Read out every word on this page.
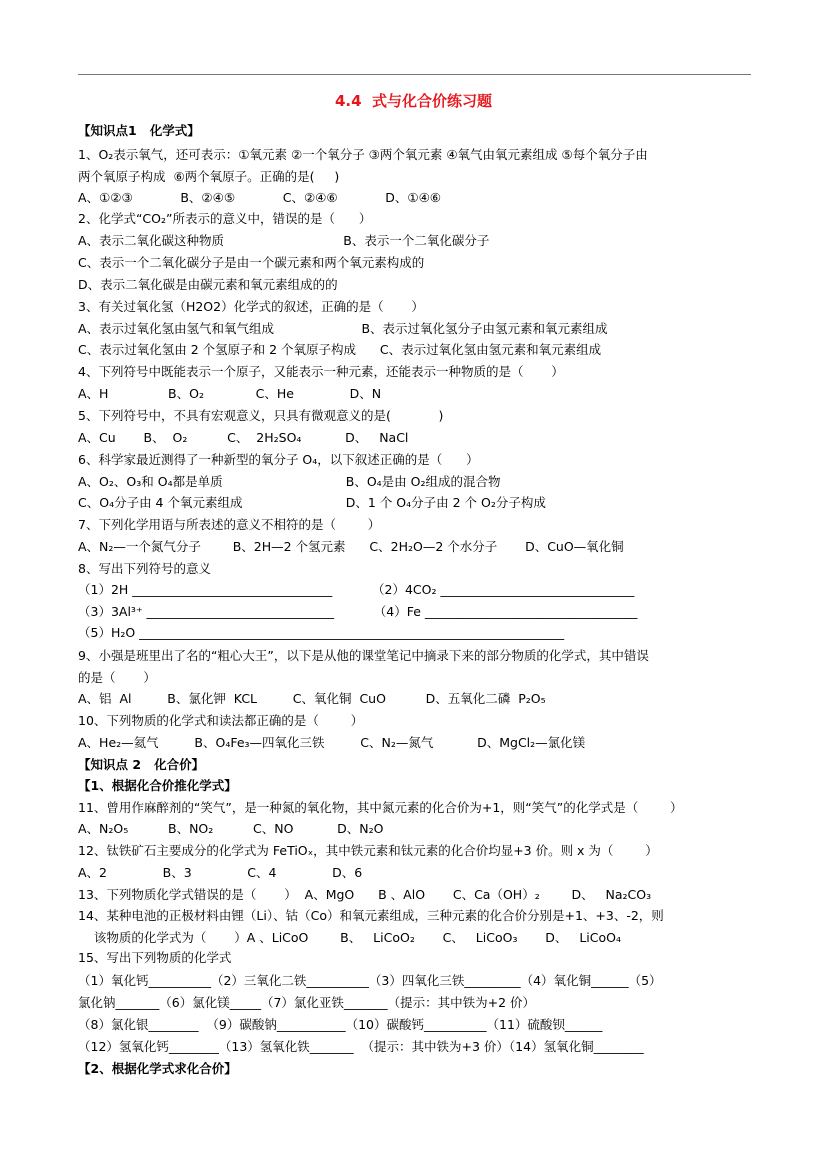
4.4  式与化合价练习题
【知识点1   化学式】
1、O₂表示氧气，还可表示：①氧元素 ②一个氧分子 ③两个氧元素 ④氧气由氧元素组成 ⑤每个氧分子由
两个氧原子构成  ⑥两个氧原子。正确的是(     )
A、①②③            B、②④⑤            C、②④⑥            D、①④⑥
2、化学式“CO₂”所表示的意义中，错误的是（      ）
A、表示二氧化碳这种物质                              B、表示一个二氧化碳分子
C、表示一个二氧化碳分子是由一个碳元素和两个氧元素构成的
D、表示二氧化碳是由碳元素和氧元素组成的的
3、有关过氧化氢（H2O2）化学式的叙述，正确的是（       ）
A、表示过氧化氢由氢气和氧气组成                      B、表示过氧化氢分子由氢元素和氧元素组成
C、表示过氧化氢由 2 个氢原子和 2 个氧原子构成      C、表示过氧化氢由氢元素和氧元素组成
4、下列符号中既能表示一个原子，又能表示一种元素，还能表示一种物质的是（       ）
A、H               B、O₂             C、He              D、N
5、下列符号中，不具有宏观意义，只具有微观意义的是(            )
A、Cu       B、  O₂          C、  2H₂SO₄           D、   NaCl
6、科学家最近测得了一种新型的氧分子 O₄，以下叙述正确的是（      ）
A、O₂、O₃和 O₄都是单质                               B、O₄是由 O₂组成的混合物
C、O₄分子由 4 个氧元素组成                          D、1 个 O₄分子由 2 个 O₂分子构成
7、下列化学用语与所表述的意义不相符的是（        ）
A、N₂—一个氮气分子        B、2H—2 个氢元素      C、2H₂O—2 个水分子       D、CuO—氧化铜
8、写出下列符号的意义
（1）2H ________________________________          （2）4CO₂ _______________________________
（3）3Al³⁺ ______________________________          （4）Fe __________________________________
（5）H₂O ____________________________________________________________________
9、小强是班里出了名的“粗心大王”，以下是从他的课堂笔记中摘录下来的部分物质的化学式，其中错误
的是（       ）
A、铝  Al         B、氯化钾  KCL         C、氧化铜  CuO          D、五氧化二磷  P₂O₅
10、下列物质的化学式和读法都正确的是（        ）
A、He₂—氦气         B、O₄Fe₃—四氧化三铁         C、N₂—氮气           D、MgCl₂—氯化镁
【知识点 2   化合价】
【1、根据化合价推化学式】
11、曾用作麻醉剂的“笑气”，是一种氮的氧化物，其中氮元素的化合价为+1，则“笑气”的化学式是（        ）
A、N₂O₅          B、NO₂          C、NO           D、N₂O
12、钛铁矿石主要成分的化学式为 FeTiOₓ，其中铁元素和钛元素的化合价均显+3 价。则 x 为（        ）
A、2              B、3              C、4              D、6
13、下列物质化学式错误的是（       ）  A、MgO      B 、AlO       C、Ca（OH）₂        D、   Na₂CO₃
14、某种电池的正极材料由锂（Li）、钴（Co）和氧元素组成，三种元素的化合价分别是+1、+3、-2，则
该物质的化学式为（       ）A 、LiCoO        B、   LiCoO₂       C、   LiCoO₃       D、   LiCoO₄
15、写出下列物质的化学式
（1）氧化钙__________（2）三氧化二铁__________（3）四氧化三铁_________（4）氧化铜______（5）
氯化钠_______（6）氯化镁_____（7）氯化亚铁_______（提示：其中铁为+2 价）
（8）氯化银________  （9）碳酸钠___________（10）碳酸钙__________（11）硫酸钡______
（12）氢氧化钙________（13）氢氧化铁_______  （提示：其中铁为+3 价）（14）氢氧化铜________
【2、根据化学式求化合价】
